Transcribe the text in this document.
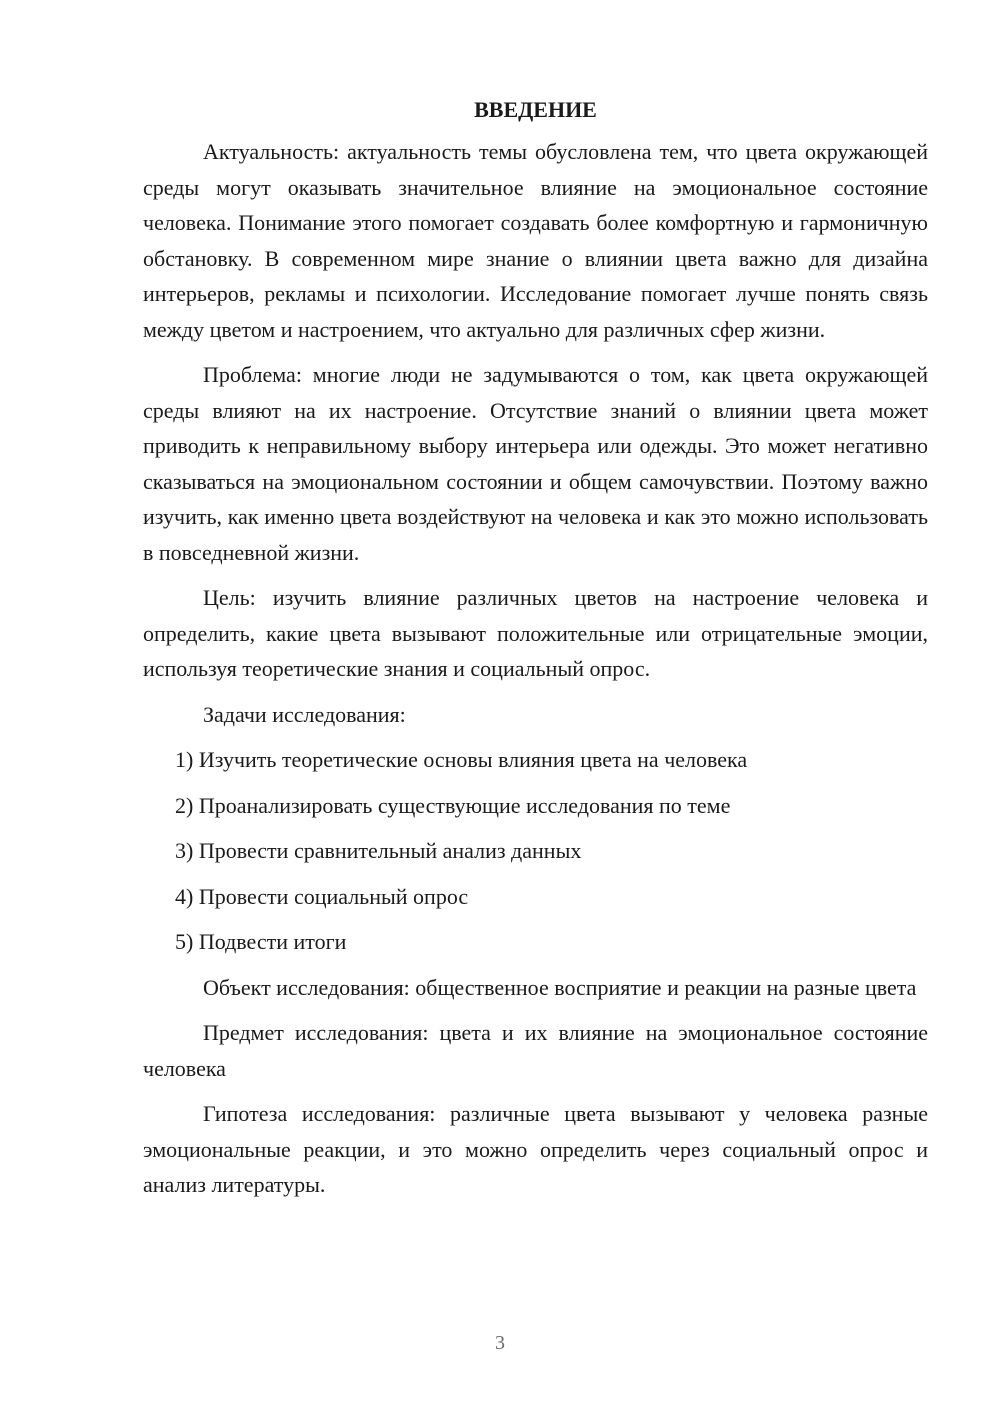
ВВЕДЕНИЕ

Актуальность: актуальность темы обусловлена тем, что цвета окружающей среды могут оказывать значительное влияние на эмоциональное состояние человека. Понимание этого помогает создавать более комфортную и гармоничную обстановку. В современном мире знание о влиянии цвета важно для дизайна интерьеров, рекламы и психологии. Исследование помогает лучше понять связь между цветом и настроением, что актуально для различных сфер жизни.

Проблема: многие люди не задумываются о том, как цвета окружающей среды влияют на их настроение. Отсутствие знаний о влиянии цвета может приводить к неправильному выбору интерьера или одежды. Это может негативно сказываться на эмоциональном состоянии и общем самочувствии. Поэтому важно изучить, как именно цвета воздействуют на человека и как это можно использовать в повседневной жизни.

Цель: изучить влияние различных цветов на настроение человека и определить, какие цвета вызывают положительные или отрицательные эмоции, используя теоретические знания и социальный опрос.

Задачи исследования:

1) Изучить теоретические основы влияния цвета на человека
2) Проанализировать существующие исследования по теме
3) Провести сравнительный анализ данных
4) Провести социальный опрос
5) Подвести итоги

Объект исследования: общественное восприятие и реакции на разные цвета

Предмет исследования: цвета и их влияние на эмоциональное состояние человека

Гипотеза исследования: различные цвета вызывают у человека разные эмоциональные реакции, и это можно определить через социальный опрос и анализ литературы.

3
